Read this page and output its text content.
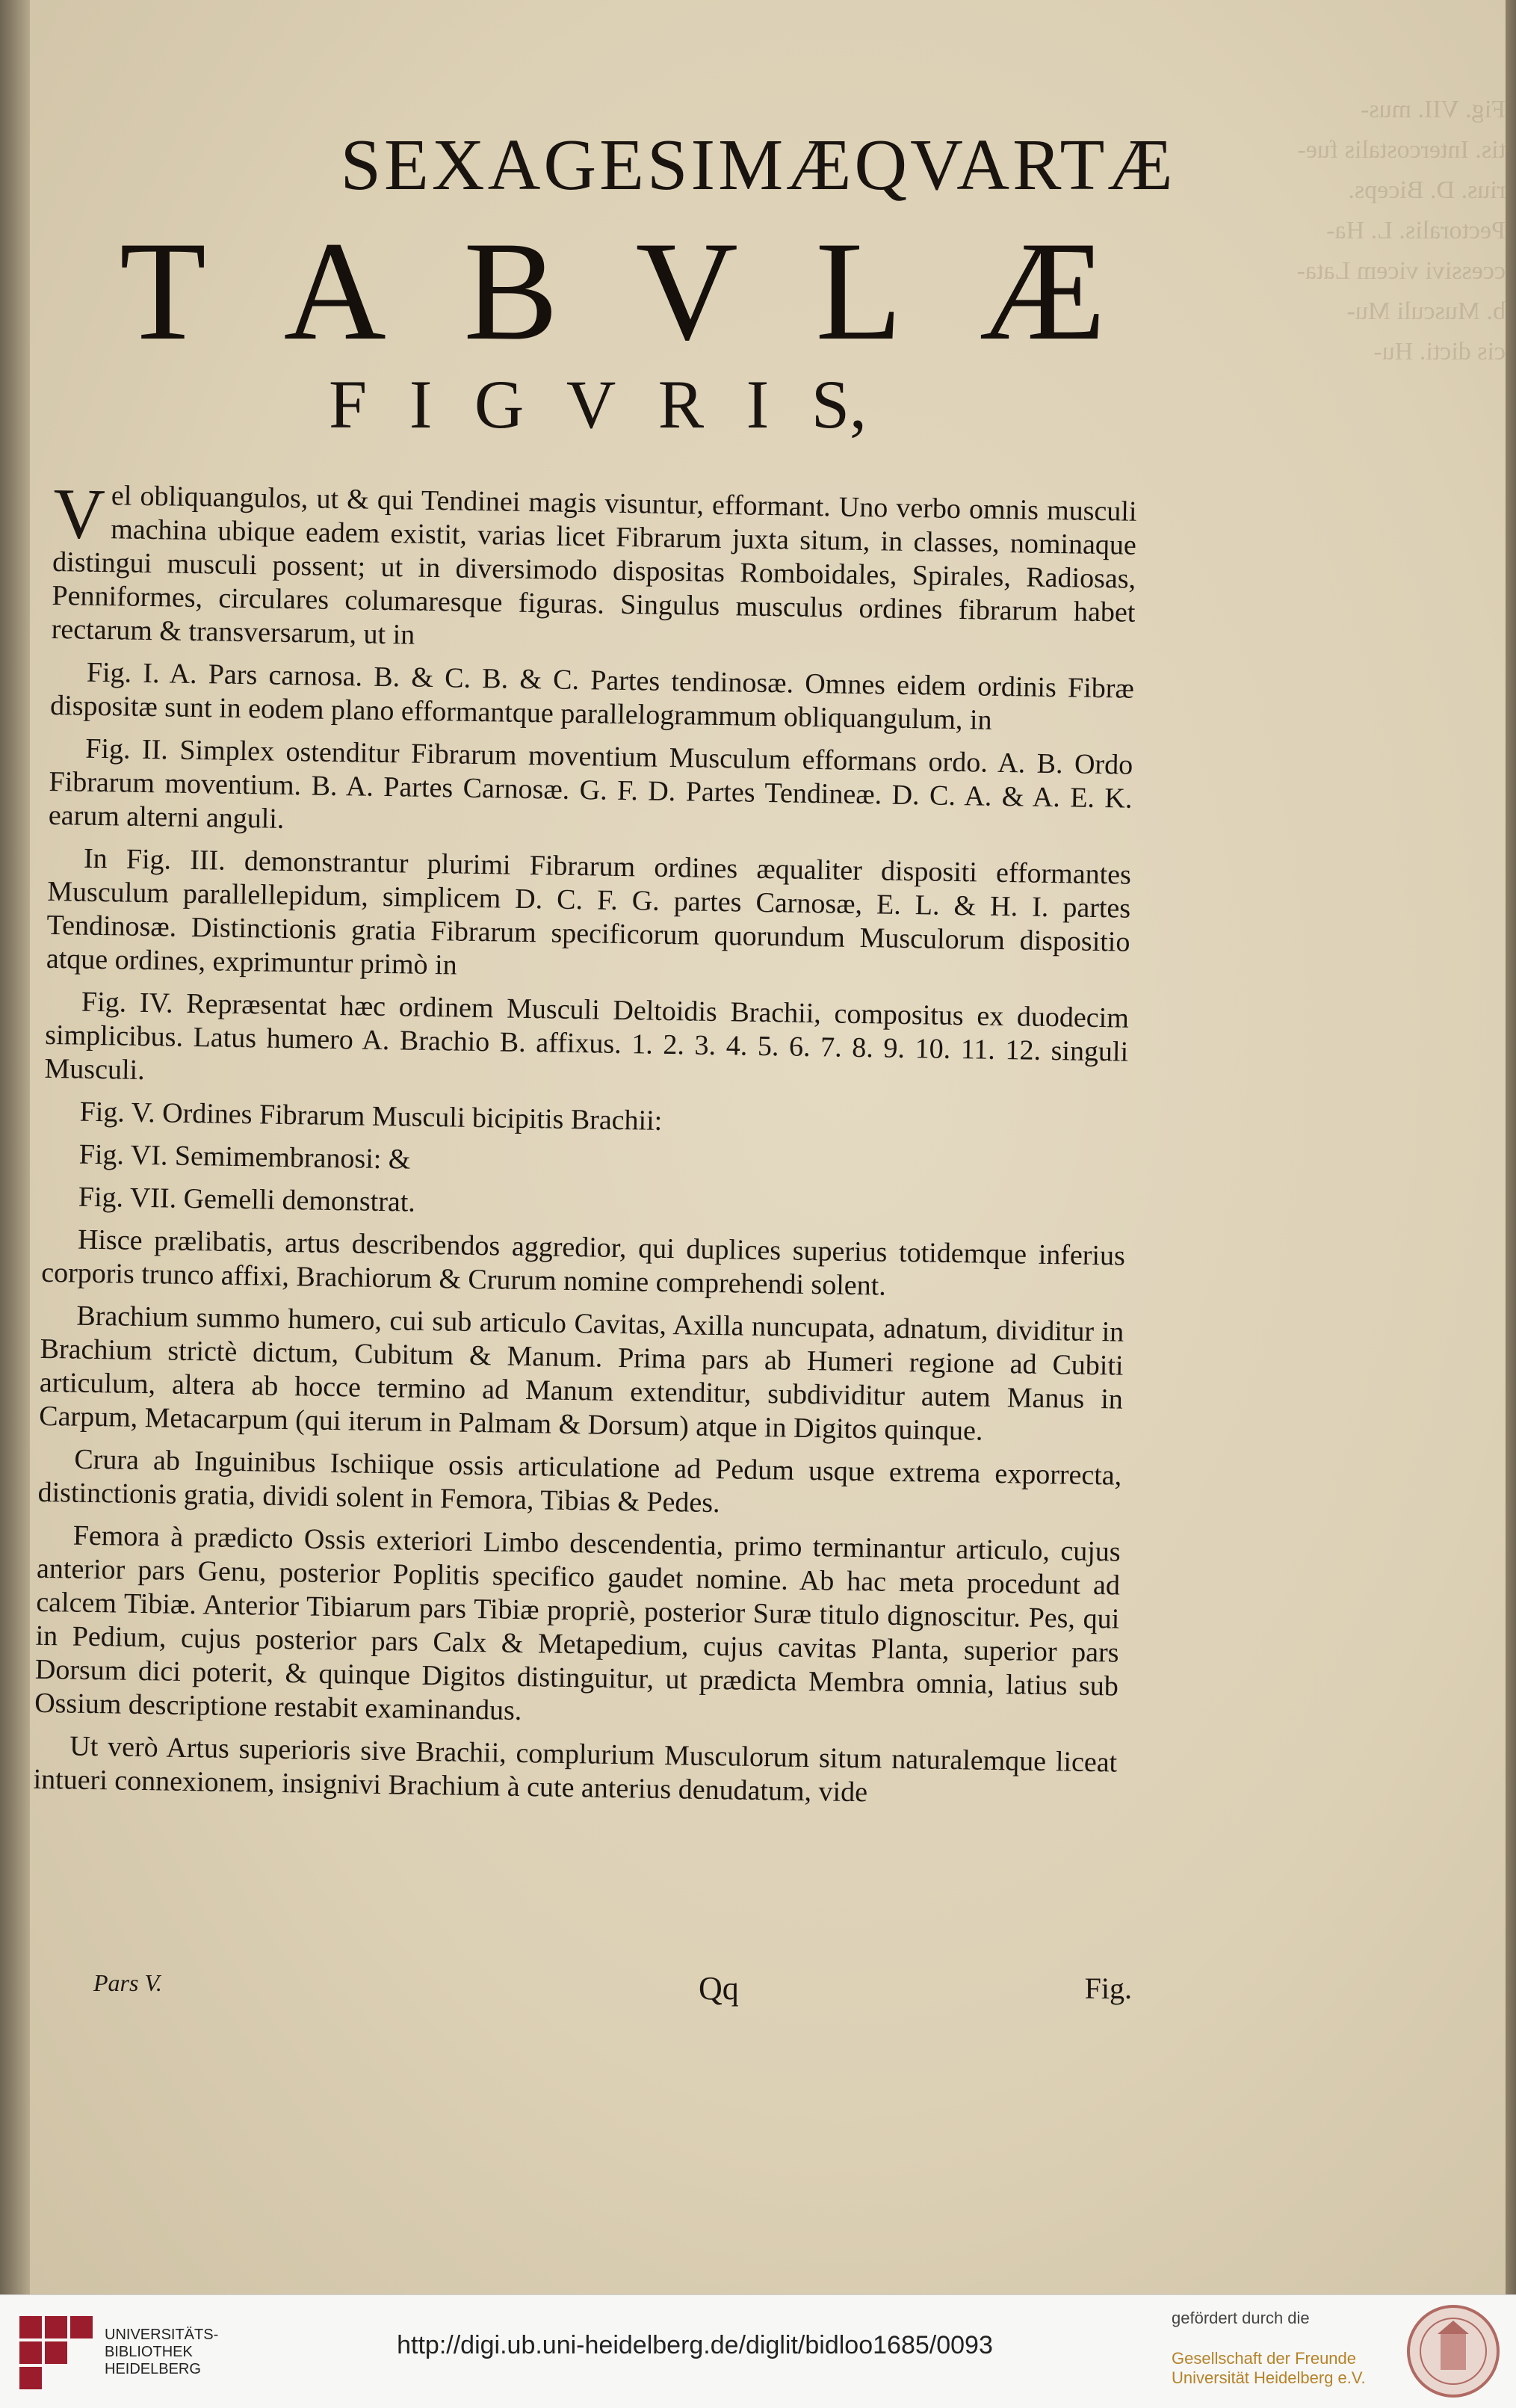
Fig. VII. mus-
tis. Intercostalis fue-
rius. D. Biceps.
Pectoralis. L. Ha-
ccessivi vicem Lata-
b. Musculi Mu-
cis dicti. Hu-
SEXAGESIMÆQVARTÆ
T A B V L Æ
F I G V R I S,

Vel obliquangulos, ut & qui Tendinei magis visuntur, efformant. Uno verbo omnis musculi machina ubique eadem existit, varias licet Fibrarum juxta situm, in classes, nominaque distingui musculi possent; ut in diversimodo dispositas Romboidales, Spirales, Radiosas, Penniformes, circulares columaresque figuras. Singulus musculus ordines fibrarum habet rectarum & transversarum, ut in

Fig. I. A. Pars carnosa. B. & C. B. & C. Partes tendinosæ. Omnes eidem ordinis Fibræ dispositæ sunt in eodem plano efformantque parallelogrammum obliquangulum, in

Fig. II. Simplex ostenditur Fibrarum moventium Musculum efformans ordo. A. B. Ordo Fibrarum moventium. B. A. Partes Carnosæ. G. F. D. Partes Tendineæ. D. C. A. & A. E. K. earum alterni anguli.

In Fig. III. demonstrantur plurimi Fibrarum ordines æqualiter dispositi efformantes Musculum parallellepidum, simplicem D. C. F. G. partes Carnosæ, E. L. & H. I. partes Tendinosæ. Distinctionis gratia Fibrarum specificorum quorundum Musculorum dispositio atque ordines, exprimuntur primò in

Fig. IV. Repræsentat hæc ordinem Musculi Deltoidis Brachii, compositus ex duodecim simplicibus. Latus humero A. Brachio B. affixus. 1. 2. 3. 4. 5. 6. 7. 8. 9. 10. 11. 12. singuli Musculi.

Fig. V. Ordines Fibrarum Musculi bicipitis Brachii:

Fig. VI. Semimembranosi: &

Fig. VII. Gemelli demonstrat.

Hisce prælibatis, artus describendos aggredior, qui duplices superius totidemque inferius corporis trunco affixi, Brachiorum & Crurum nomine comprehendi solent.

Brachium summo humero, cui sub articulo Cavitas, Axilla nuncupata, adnatum, dividitur in Brachium strictè dictum, Cubitum & Manum. Prima pars ab Humeri regione ad Cubiti articulum, altera ab hocce termino ad Manum extenditur, subdividitur autem Manus in Carpum, Metacarpum (qui iterum in Palmam & Dorsum) atque in Digitos quinque.

Crura ab Inguinibus Ischiique ossis articulatione ad Pedum usque extrema exporrecta, distinctionis gratia, dividi solent in Femora, Tibias & Pedes.

Femora à prædicto Ossis exteriori Limbo descendentia, primo terminantur articulo, cujus anterior pars Genu, posterior Poplitis specifico gaudet nomine. Ab hac meta procedunt ad calcem Tibiæ. Anterior Tibiarum pars Tibiæ propriè, posterior Suræ titulo dignoscitur. Pes, qui in Pedium, cujus posterior pars Calx & Metapedium, cujus cavitas Planta, superior pars Dorsum dici poterit, & quinque Digitos distinguitur, ut prædicta Membra omnia, latius sub Ossium descriptione restabit examinandus.

Ut verò Artus superioris sive Brachii, complurium Musculorum situm naturalemque liceat intueri connexionem, insignivi Brachium à cute anterius denudatum, vide

Pars V.	Qq	Fig.
UNIVERSITÄTS-
BIBLIOTHEK
HEIDELBERG
http://digi.ub.uni-heidelberg.de/diglit/bidloo1685/0093
gefördert durch die
Gesellschaft der Freunde
Universität Heidelberg e.V.
